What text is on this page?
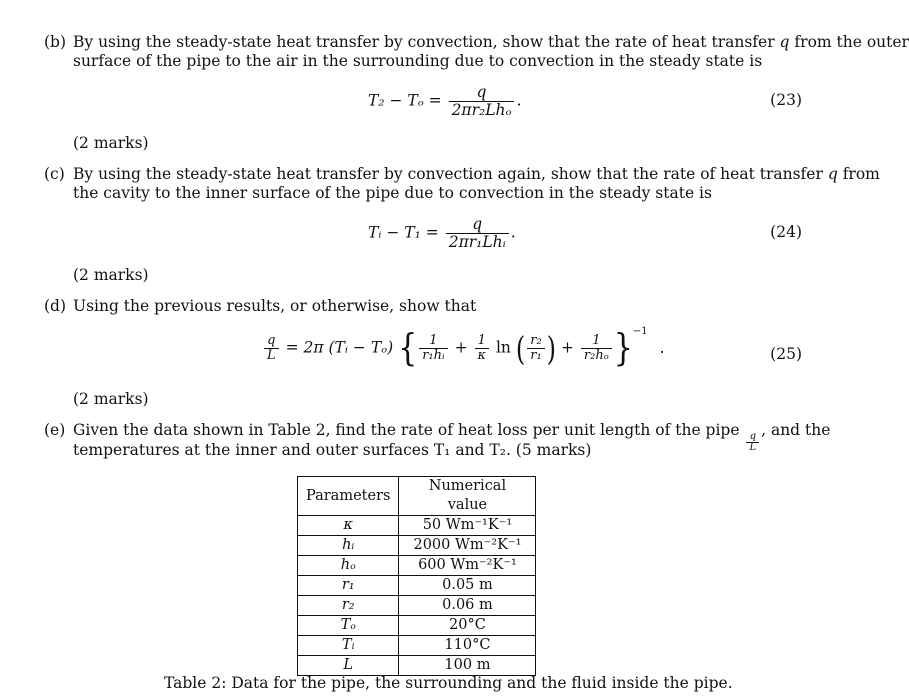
(b) By using the steady-state heat transfer by convection, show that the rate of heat transfer q from the outer
surface of the pipe to the air in the surrounding due to convection in the steady state is
$T_2 - T_o = \frac{q}{\text{2πr₂Lhₒ}}$ .	(23)
(2 marks)
(c) By using the steady-state heat transfer by convection again, show that the rate of heat transfer q from
the cavity to the inner surface of the pipe due to convection in the steady state is
Tᵢ − $T_1 = \frac{q}{\text{2πr₁Lhᵢ}}$ .	(24)
(2 marks)
(d) Using the previous results, or otherwise, show that
$\frac{q}{L} = 2\pi$ (Tᵢ − Tₒ) { $\frac{1}{\text{r₁hᵢ}} + \frac{1}{\kappa}$ ln ( $\frac{\text{r₂}}{\text{r₁}}$ ) + $\frac{1}{\text{r₂hₒ}} \}^{-1}$.	(25)
(2 marks)
(e) Given the data shown in Table 2, find the rate of heat loss per unit length of the pipe
$\frac{q}{L}$
, and the
temperatures at the inner and outer surfaces T₁ and T₂. (5 marks)
Parameters	Numerical value
κ	50 Wm⁻¹K⁻¹
hᵢ	2000 Wm⁻²K⁻¹
hₒ	600 Wm⁻²K⁻¹
r₁	0.05 m
r₂	0.06 m
Tₒ	20°C
Tᵢ	110°C
L	100 m
Table 2: Data for the pipe, the surrounding and the fluid inside the pipe.
